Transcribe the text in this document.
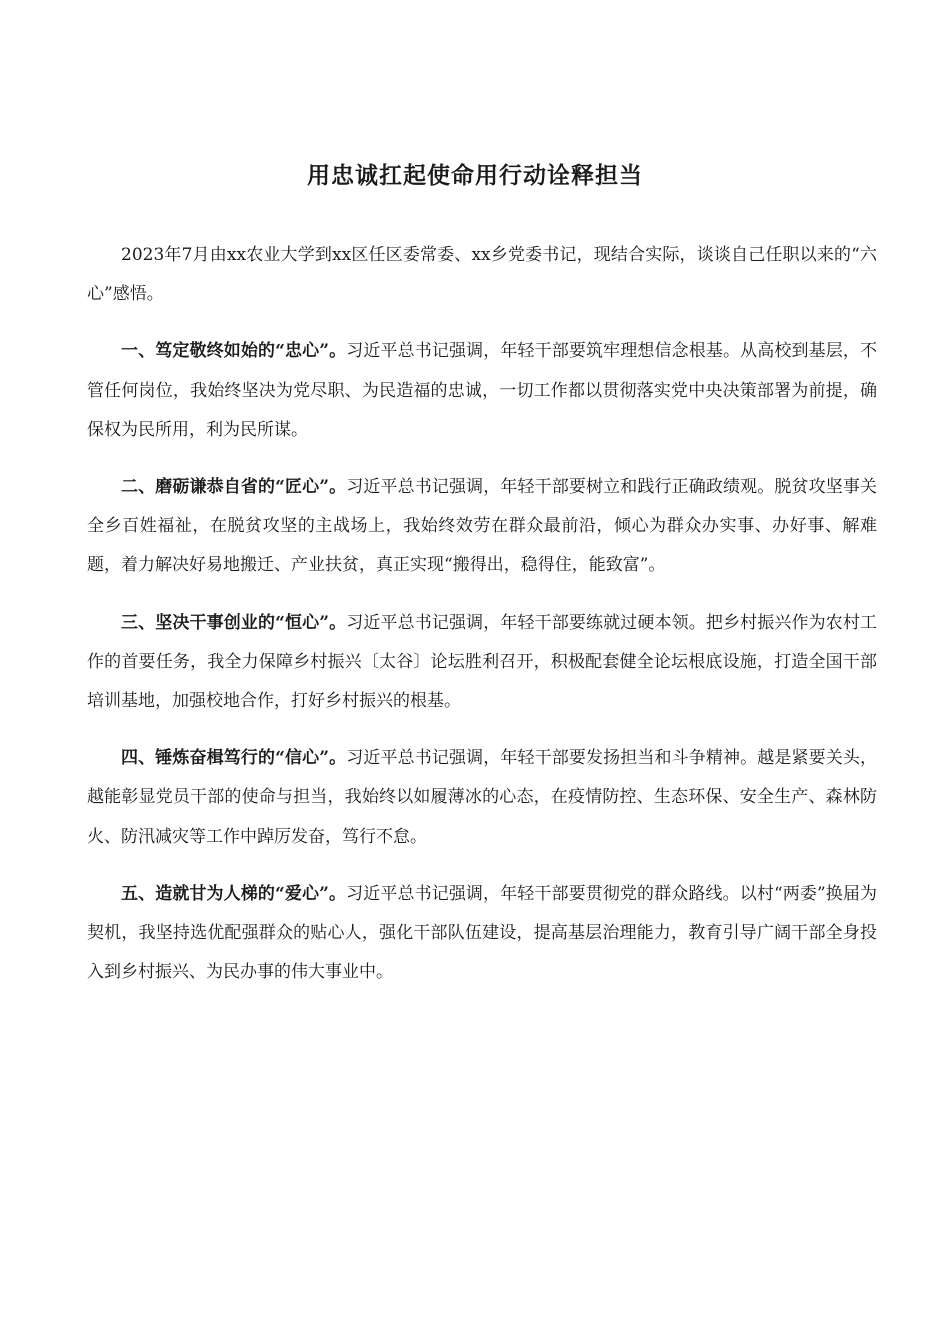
用忠诚扛起使命用行动诠释担当

2023年7月由xx农业大学到xx区任区委常委、xx乡党委书记，现结合实际，谈谈自己任职以来的“六心”感悟。

一、笃定敬终如始的“忠心”。习近平总书记强调，年轻干部要筑牢理想信念根基。从高校到基层，不管任何岗位，我始终坚决为党尽职、为民造福的忠诚，一切工作都以贯彻落实党中央决策部署为前提，确保权为民所用，利为民所谋。

二、磨砺谦恭自省的“匠心”。习近平总书记强调，年轻干部要树立和践行正确政绩观。脱贫攻坚事关全乡百姓福祉，在脱贫攻坚的主战场上，我始终效劳在群众最前沿，倾心为群众办实事、办好事、解难题，着力解决好易地搬迁、产业扶贫，真正实现“搬得出，稳得住，能致富”。

三、坚决干事创业的“恒心”。习近平总书记强调，年轻干部要练就过硬本领。把乡村振兴作为农村工作的首要任务，我全力保障乡村振兴〔太谷〕论坛胜利召开，积极配套健全论坛根底设施，打造全国干部培训基地，加强校地合作，打好乡村振兴的根基。

四、锤炼奋楫笃行的“信心”。习近平总书记强调，年轻干部要发扬担当和斗争精神。越是紧要关头，越能彰显党员干部的使命与担当，我始终以如履薄冰的心态，在疫情防控、生态环保、安全生产、森林防火、防汛减灾等工作中踔厉发奋，笃行不怠。

五、造就甘为人梯的“爱心”。习近平总书记强调，年轻干部要贯彻党的群众路线。以村“两委”换届为契机，我坚持选优配强群众的贴心人，强化干部队伍建设，提高基层治理能力，教育引导广阔干部全身投入到乡村振兴、为民办事的伟大事业中。
